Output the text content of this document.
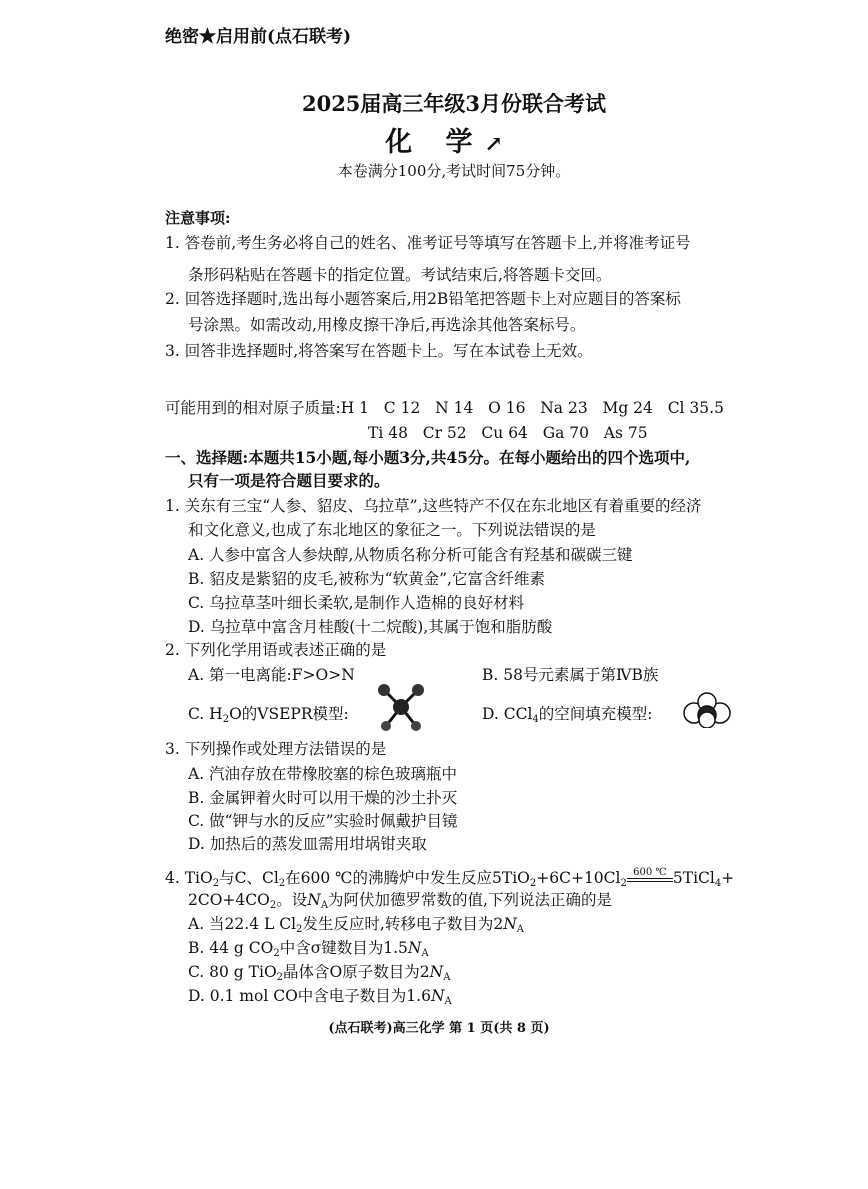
绝密★启用前(点石联考)
2025届高三年级3月份联合考试
化 学↗
本卷满分100分,考试时间75分钟。
注意事项:
1. 答卷前,考生务必将自己的姓名、准考证号等填写在答题卡上,并将准考证号
条形码粘贴在答题卡的指定位置。考试结束后,将答题卡交回。
2. 回答选择题时,选出每小题答案后,用2B铅笔把答题卡上对应题目的答案标
号涂黑。如需改动,用橡皮擦干净后,再选涂其他答案标号。
3. 回答非选择题时,将答案写在答题卡上。写在本试卷上无效。
可能用到的相对原子质量:H 1   C 12   N 14   O 16   Na 23   Mg 24   Cl 35.5
Ti 48   Cr 52   Cu 64   Ga 70   As 75
一、选择题:本题共15小题,每小题3分,共45分。在每小题给出的四个选项中,
只有一项是符合题目要求的。
1. 关东有三宝“人参、貂皮、乌拉草”,这些特产不仅在东北地区有着重要的经济
和文化意义,也成了东北地区的象征之一。下列说法错误的是
A. 人参中富含人参炔醇,从物质名称分析可能含有羟基和碳碳三键
B. 貂皮是紫貂的皮毛,被称为“软黄金”,它富含纤维素
C. 乌拉草茎叶细长柔软,是制作人造棉的良好材料
D. 乌拉草中富含月桂酸(十二烷酸),其属于饱和脂肪酸
2. 下列化学用语或表述正确的是
A. 第一电离能:F>O>N	B. 58号元素属于第ⅣB族
C. $H_2O$的VSEPR模型:	D. CCl$_4$的空间填充模型:
3. 下列操作或处理方法错误的是
A. 汽油存放在带橡胶塞的棕色玻璃瓶中
B. 金属钾着火时可以用干燥的沙土扑灭
C. 做“钾与水的反应”实验时佩戴护目镜
D. 加热后的蒸发皿需用坩埚钳夹取
4. TiO$_2$与C、$Cl_2$在600 ℃的沸腾炉中发生反应$5TiO_2+6C+10Cl_2$
600 ℃ 5TiCl$_4$+
$2CO+4CO_2$。设$N_A$为阿伏加德罗常数的值,下列说法正确的是
A. 当22.4 L $Cl_2$发生反应时,转移电子数目为$2N_A$
B. 44 g $CO_2$中含σ键数目为$1.5N_A$
C. 80 g TiO$_2$晶体含O原子数目为$2N_A$
D. 0.1 mol CO中含电子数目为$1.6N_A$
(点石联考)高三化学 第 1 页(共 8 页)
